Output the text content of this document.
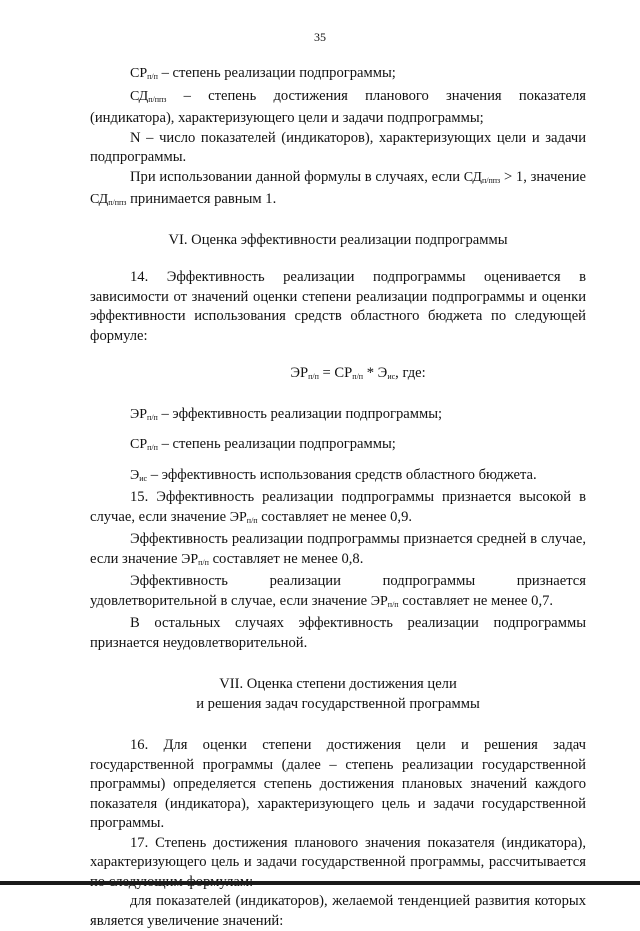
35

$СР_{п/п}$ – степень реализации подпрограммы;

$СД_{п/ппз}$ – степень достижения планового значения показателя (индикатора), характеризующего цели и задачи подпрограммы;

N – число показателей (индикаторов), характеризующих цели и задачи подпрограммы.

При использовании данной формулы в случаях, если $СД_{п/ппз} > 1$, значение $СД_{п/ппз}$ принимается равным 1.

VI. Оценка эффективности реализации подпрограммы

14. Эффективность реализации подпрограммы оценивается в зависимости от значений оценки степени реализации подпрограммы и оценки эффективности использования средств областного бюджета по следующей формуле:

$ЭР_{п/п} = СР_{п/п} * Э_{ис}$, где:

$ЭР_{п/п}$ – эффективность реализации подпрограммы;

$СР_{п/п}$ – степень реализации подпрограммы;

$Э_{ис}$ – эффективность использования средств областного бюджета.

15. Эффективность реализации подпрограммы признается высокой в случае, если значение $ЭР_{п/п}$ составляет не менее 0,9.

Эффективность реализации подпрограммы признается средней в случае, если значение $ЭР_{п/п}$ составляет не менее 0,8.

Эффективность реализации подпрограммы признается удовлетворительной в случае, если значение $ЭР_{п/п}$ составляет не менее 0,7.

В остальных случаях эффективность реализации подпрограммы признается неудовлетворительной.

VII. Оценка степени достижения цели

и решения задач государственной программы

16. Для оценки степени достижения цели и решения задач государственной программы (далее – степень реализации государственной программы) определяется степень достижения плановых значений каждого показателя (индикатора), характеризующего цель и задачи государственной программы.

17. Степень достижения планового значения показателя (индикатора), характеризующего цель и задачи государственной программы, рассчитывается

для показателей (индикаторов), желаемой тенденцией развития которых является увеличение значений:
